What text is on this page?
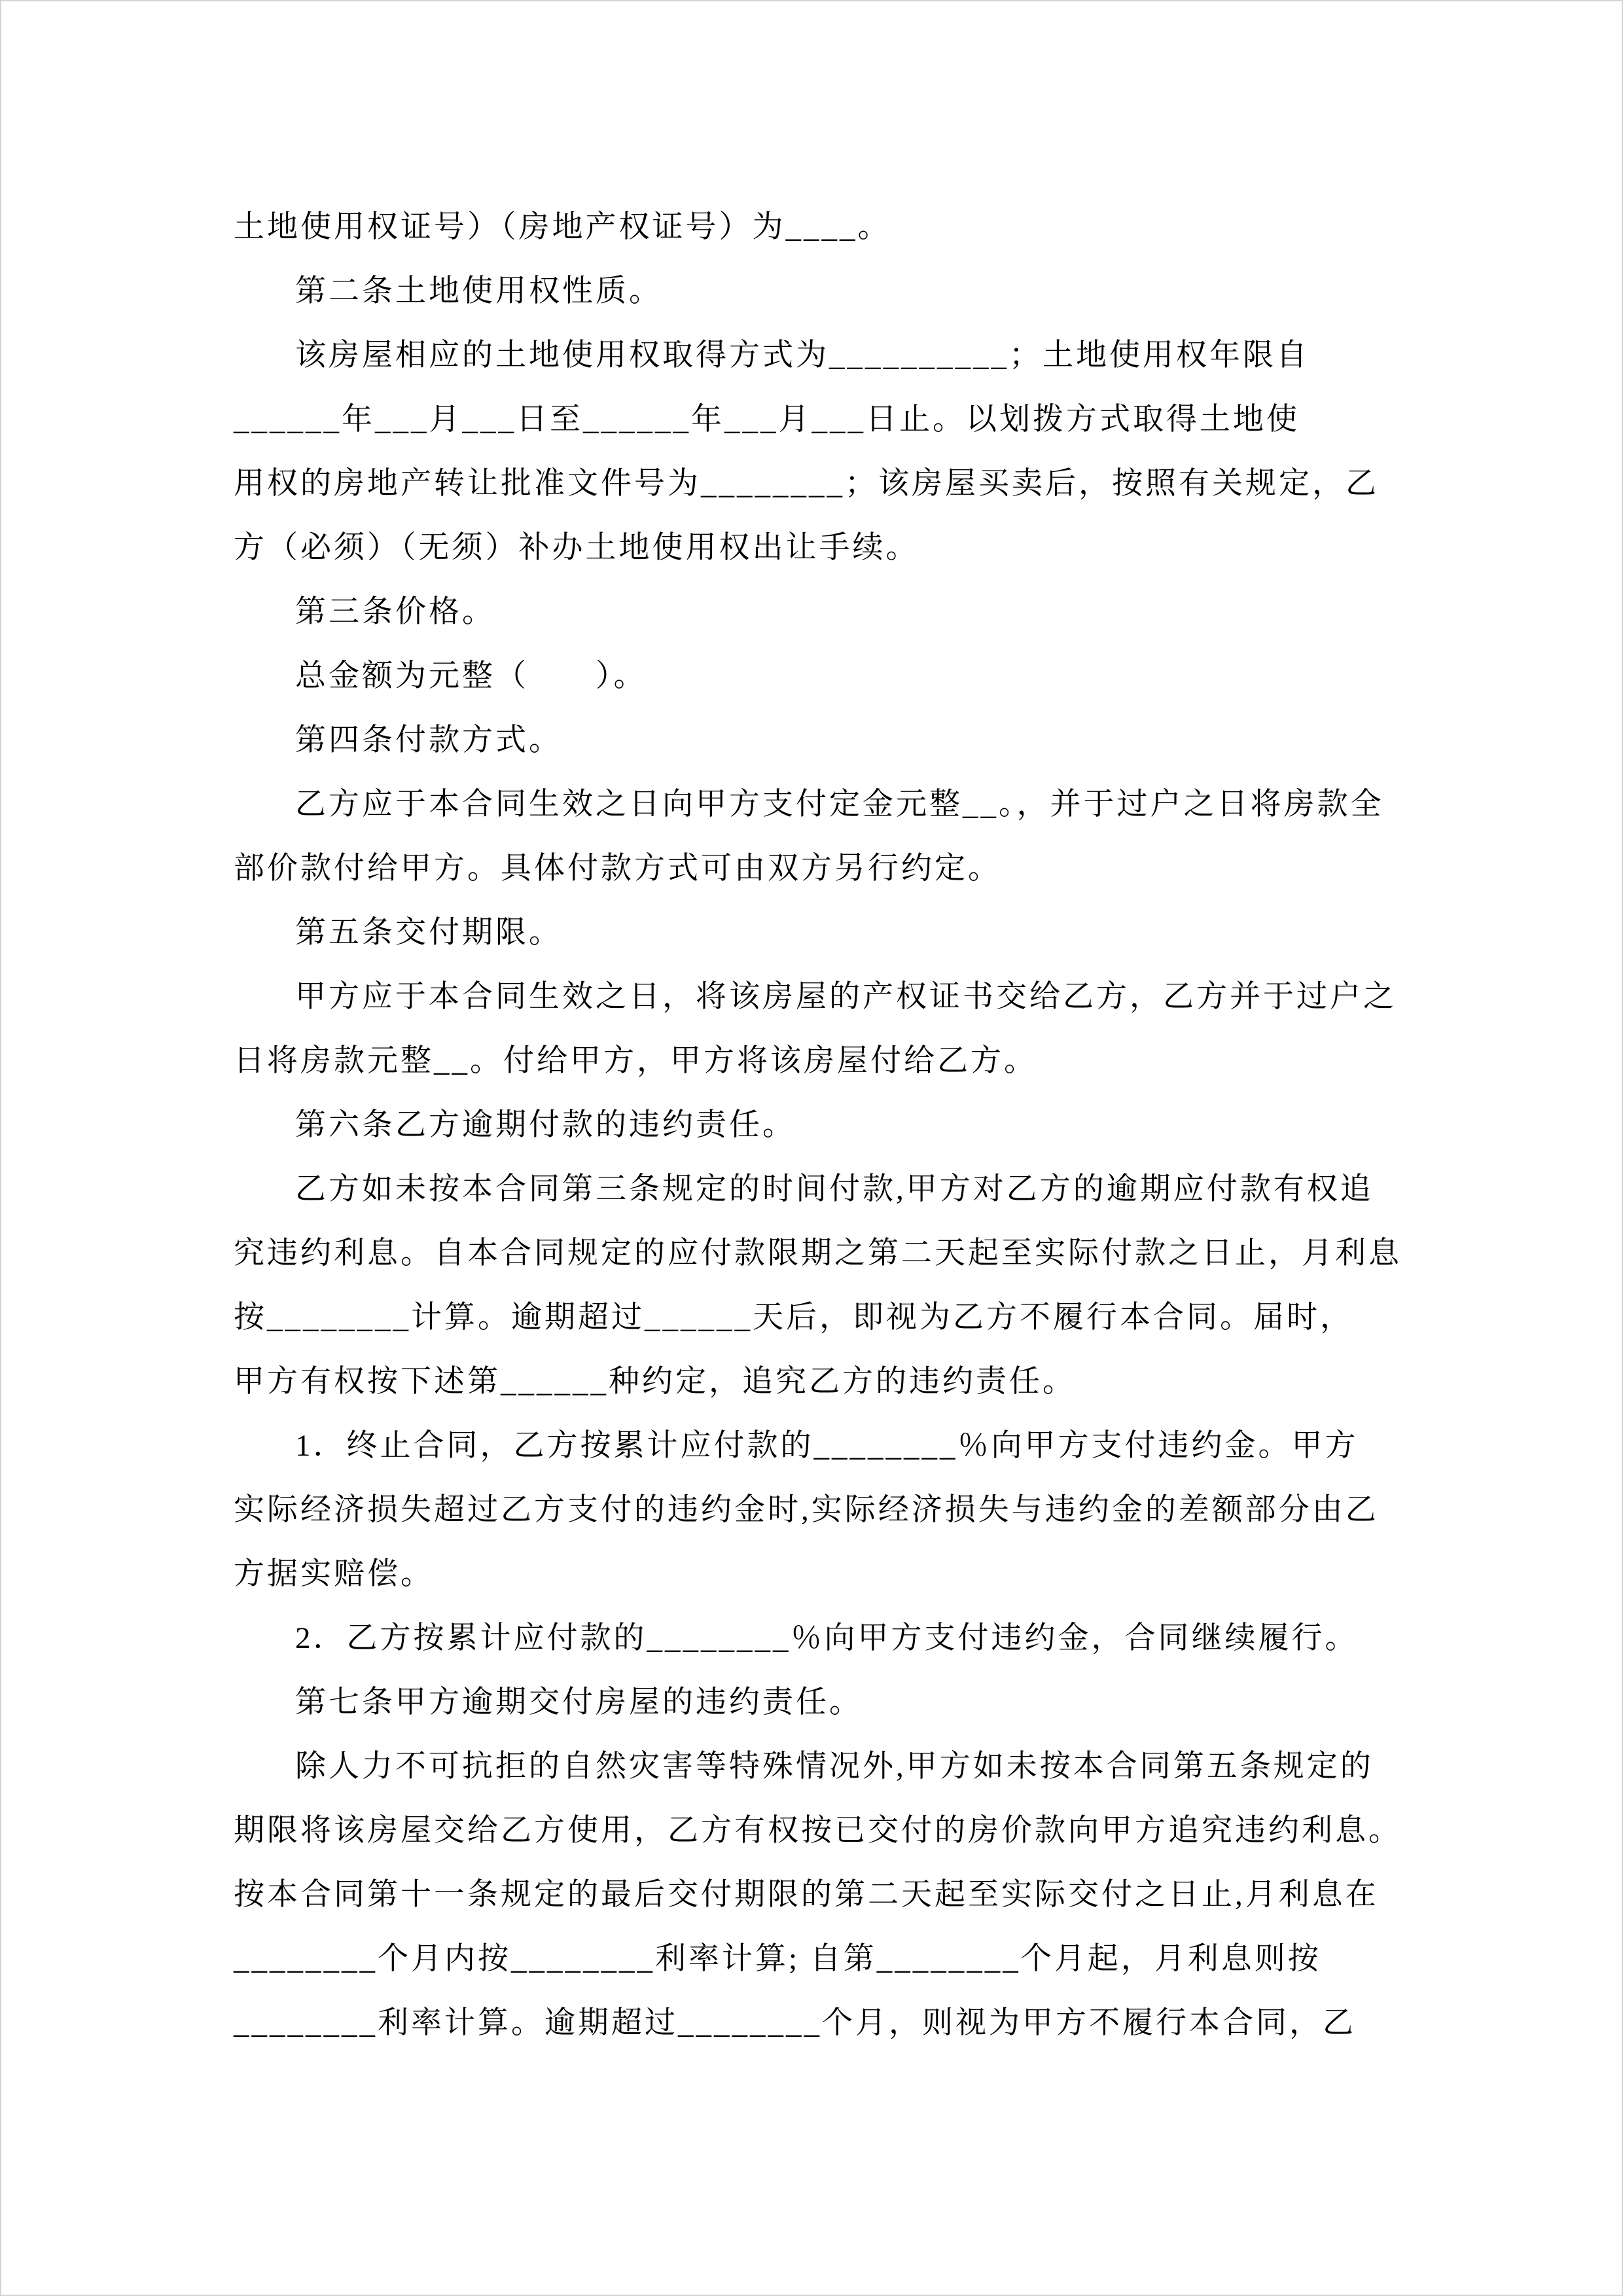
土地使用权证号）（房地产权证号）为____。
第二条土地使用权性质。
该房屋相应的土地使用权取得方式为__________；土地使用权年限自
______年___月___日至______年___月___日止。以划拨方式取得土地使
用权的房地产转让批准文件号为________；该房屋买卖后，按照有关规定，乙
方（必须）（无须）补办土地使用权出让手续。
第三条价格。
总金额为元整（　　）。
第四条付款方式。
乙方应于本合同生效之日向甲方支付定金元整__。，并于过户之日将房款全
部价款付给甲方。具体付款方式可由双方另行约定。
第五条交付期限。
甲方应于本合同生效之日，将该房屋的产权证书交给乙方，乙方并于过户之
日将房款元整__。付给甲方，甲方将该房屋付给乙方。
第六条乙方逾期付款的违约责任。
乙方如未按本合同第三条规定的时间付款,甲方对乙方的逾期应付款有权追
究违约利息。自本合同规定的应付款限期之第二天起至实际付款之日止，月利息
按________计算。逾期超过______天后，即视为乙方不履行本合同。届时，
甲方有权按下述第______种约定，追究乙方的违约责任。
1．终止合同，乙方按累计应付款的________％向甲方支付违约金。甲方
实际经济损失超过乙方支付的违约金时,实际经济损失与违约金的差额部分由乙
方据实赔偿。
2．乙方按累计应付款的________％向甲方支付违约金，合同继续履行。
第七条甲方逾期交付房屋的违约责任。
除人力不可抗拒的自然灾害等特殊情况外,甲方如未按本合同第五条规定的
期限将该房屋交给乙方使用，乙方有权按已交付的房价款向甲方追究违约利息。
按本合同第十一条规定的最后交付期限的第二天起至实际交付之日止,月利息在
________个月内按________利率计算; 自第________个月起，月利息则按
________利率计算。逾期超过________个月，则视为甲方不履行本合同，乙
